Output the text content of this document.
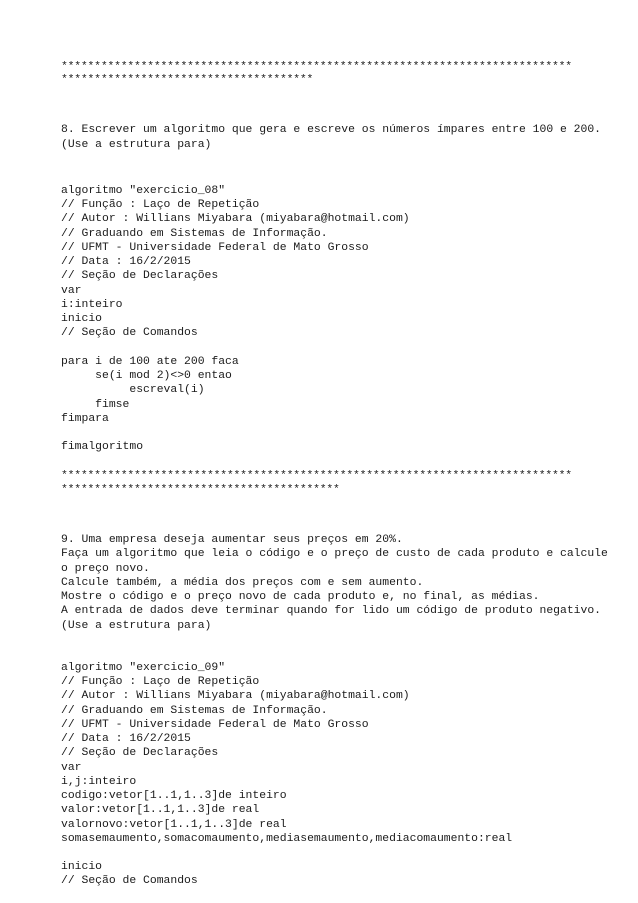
*****************************************************************************
**************************************
8. Escrever um algoritmo que gera e escreve os números ímpares entre 100 e 200.
(Use a estrutura para)
algoritmo "exercicio_08"
// Função : Laço de Repetição
// Autor : Willians Miyabara (miyabara@hotmail.com)
// Graduando em Sistemas de Informação.
// UFMT - Universidade Federal de Mato Grosso
// Data : 16/2/2015
// Seção de Declarações
var
i:inteiro
inicio
// Seção de Comandos
para i de 100 ate 200 faca
se(i mod 2)<>0 entao
escreval(i)
fimse
fimpara
fimalgoritmo
*****************************************************************************
******************************************
9. Uma empresa deseja aumentar seus preços em 20%.
Faça um algoritmo que leia o código e o preço de custo de cada produto e calcule
o preço novo.
Calcule também, a média dos preços com e sem aumento.
Mostre o código e o preço novo de cada produto e, no final, as médias.
A entrada de dados deve terminar quando for lido um código de produto negativo.
(Use a estrutura para)
algoritmo "exercicio_09"
// Função : Laço de Repetição
// Autor : Willians Miyabara (miyabara@hotmail.com)
// Graduando em Sistemas de Informação.
// UFMT - Universidade Federal de Mato Grosso
// Data : 16/2/2015
// Seção de Declarações
var
i,j:inteiro
codigo:vetor[1..1,1..3]de inteiro
valor:vetor[1..1,1..3]de real
valornovo:vetor[1..1,1..3]de real
somasemaumento,somacomaumento,mediasemaumento,mediacomaumento:real
inicio
// Seção de Comandos
